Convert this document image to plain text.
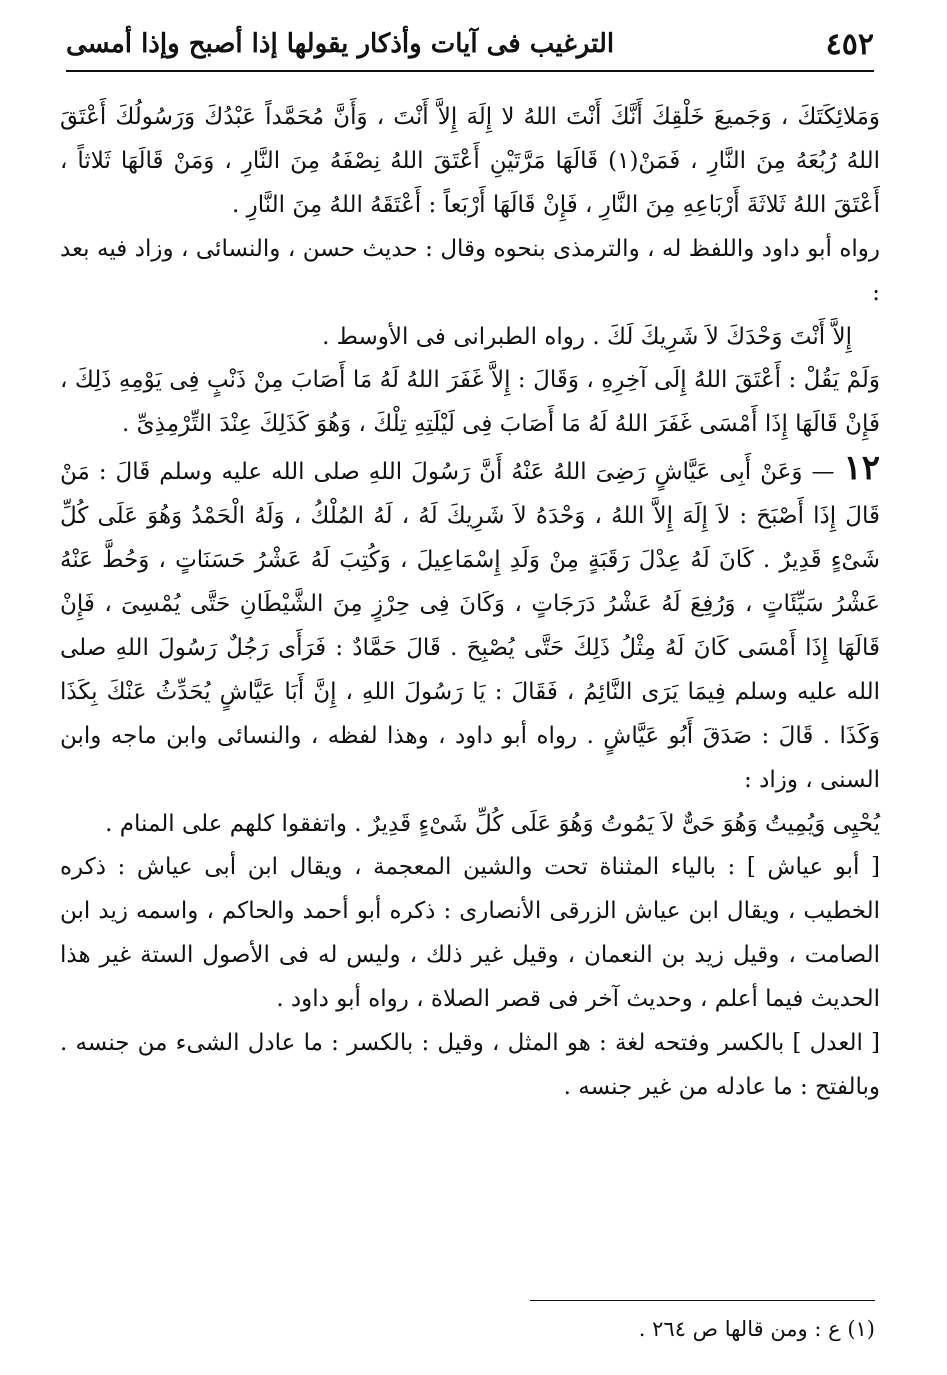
٤٥٢
الترغيب فى آيات وأذكار يقولها إذا أصبح وإذا أمسى

وَمَلائِكَتَكَ ، وَجَميعَ خَلْقِكَ أَنَّكَ أَنْتَ اللهُ لا إِلَهَ إِلاَّ أَنْتَ ، وَأَنَّ مُحَمَّداً عَبْدُكَ وَرَسُولُكَ أَعْتَقَ اللهُ رُبُعَهُ مِنَ النَّارِ ، فَمَنْ(١) قَالَهَا مَرَّتَيْنِ أَعْتَقَ اللهُ نِصْفَهُ مِنَ النَّارِ ، وَمَنْ قَالَهَا ثَلاثاً ، أَعْتَقَ اللهُ ثَلاثَةَ أَرْبَاعِهِ مِنَ النَّارِ ، فَإِنْ قَالَهَا أَرْبَعاً : أَعْتَقَهُ اللهُ مِنَ النَّارِ .

رواه أبو داود واللفظ له ، والترمذى بنحوه وقال : حديث حسن ، والنسائى ، وزاد فيه بعد :

إِلاَّ أَنْتَ وَحْدَكَ لاَ شَرِيكَ لَكَ . رواه الطبرانى فى الأوسط .

وَلَمْ يَقُلْ : أَعْتَقَ اللهُ إِلَى آخِرِهِ ، وَقَالَ : إِلاَّ غَفَرَ اللهُ لَهُ مَا أَصَابَ مِنْ ذَنْبٍ فِى يَوْمِهِ ذَلِكَ ، فَإِنْ قَالَهَا إِذَا أَمْسَى غَفَرَ اللهُ لَهُ مَا أَصَابَ فِى لَيْلَتِهِ تِلْكَ ، وَهُوَ كَذَلِكَ عِنْدَ التِّرْمِذِىِّ .

١٢ — وَعَنْ أَبِى عَيَّاشٍ رَضِىَ اللهُ عَنْهُ أَنَّ رَسُولَ اللهِ صلى الله عليه وسلم قَالَ : مَنْ قَالَ إِذَا أَصْبَحَ : لاَ إِلَهَ إِلاَّ اللهُ ، وَحْدَهُ لاَ شَرِيكَ لَهُ ، لَهُ المُلْكُ ، وَلَهُ الْحَمْدُ وَهُوَ عَلَى كُلِّ شَىْءٍ قَدِيرٌ . كَانَ لَهُ عِدْلَ رَقَبَةٍ مِنْ وَلَدِ إِسْمَاعِيلَ ، وَكُتِبَ لَهُ عَشْرُ حَسَنَاتٍ ، وَحُطَّ عَنْهُ عَشْرُ سَيِّئَاتٍ ، وَرُفِعَ لَهُ عَشْرُ دَرَجَاتٍ ، وَكَانَ فِى حِرْزٍ مِنَ الشَّيْطَانِ حَتَّى يُمْسِىَ ، فَإِنْ قَالَهَا إِذَا أَمْسَى كَانَ لَهُ مِثْلُ ذَلِكَ حَتَّى يُصْبِحَ . قَالَ حَمَّادٌ : فَرَأَى رَجُلٌ رَسُولَ اللهِ صلى الله عليه وسلم فِيمَا يَرَى النَّائِمُ ، فَقَالَ : يَا رَسُولَ اللهِ ، إِنَّ أَبَا عَيَّاشٍ يُحَدِّثُ عَنْكَ بِكَذَا وَكَذَا . قَالَ : صَدَقَ أَبُو عَيَّاشٍ . رواه أبو داود ، وهذا لفظه ، والنسائى وابن ماجه وابن السنى ، وزاد :

يُحْيِى وَيُمِيتُ وَهُوَ حَىٌّ لاَ يَمُوتُ وَهُوَ عَلَى كُلِّ شَىْءٍ قَدِيرٌ . واتفقوا كلهم على المنام .

[ أبو عياش ] : بالياء المثناة تحت والشين المعجمة ، ويقال ابن أبى عياش : ذكره الخطيب ، ويقال ابن عياش الزرقى الأنصارى : ذكره أبو أحمد والحاكم ، واسمه زيد ابن الصامت ، وقيل زيد بن النعمان ، وقيل غير ذلك ، وليس له فى الأصول الستة غير هذا الحديث فيما أعلم ، وحديث آخر فى قصر الصلاة ، رواه أبو داود .

[ العدل ] بالكسر وفتحه لغة : هو المثل ، وقيل : بالكسر : ما عادل الشىء من جنسه . وبالفتح : ما عادله من غير جنسه .

(١) ع : ومن قالها ص ٢٦٤ .
